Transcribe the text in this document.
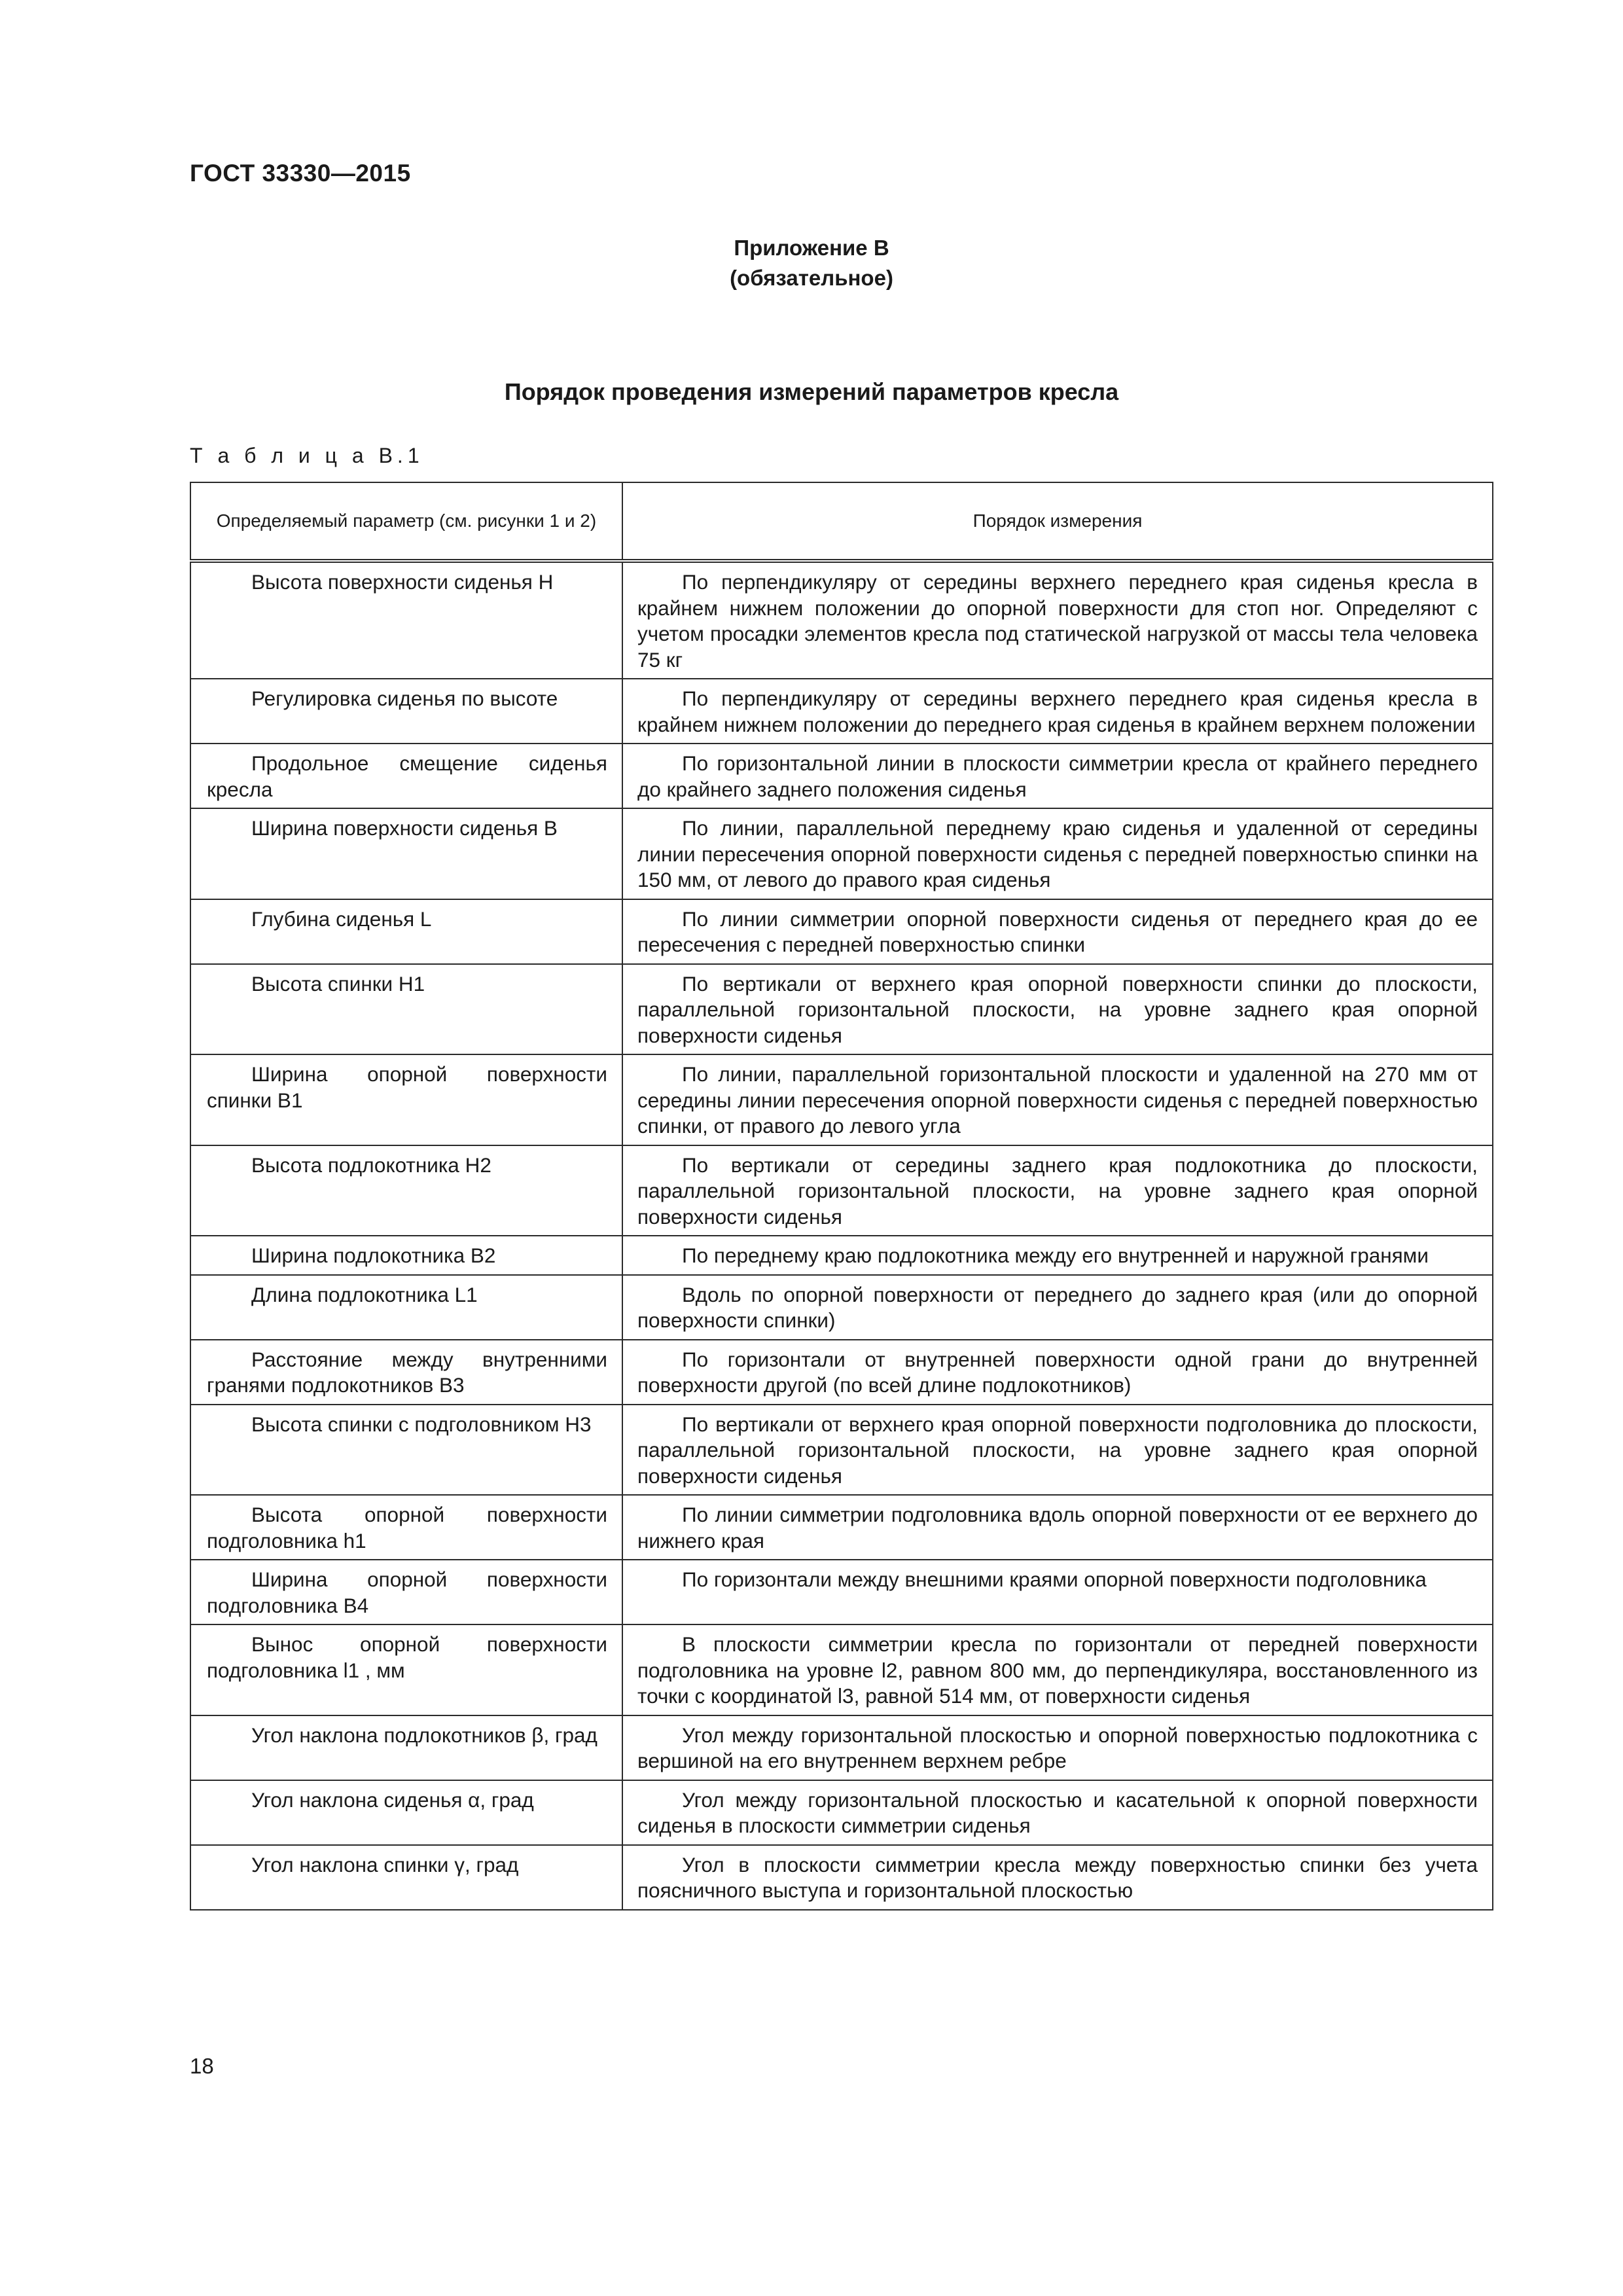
ГОСТ 33330—2015
Приложение В
(обязательное)
Порядок проведения измерений параметров кресла
Т а б л и ц а В.1
Определяемый параметр (см. рисунки 1 и 2)	Порядок измерения
Высота поверхности сиденья H	По перпендикуляру от середины верхнего переднего края сиденья кресла в крайнем нижнем положении до опорной поверхности для стоп ног. Определяют с учетом просадки элементов кресла под статической нагрузкой от массы тела человека 75 кг
Регулировка сиденья по высоте	По перпендикуляру от середины верхнего переднего края сиденья кресла в крайнем нижнем положении до переднего края сиденья в крайнем верхнем положении
Продольное смещение сиденья кресла	По горизонтальной линии в плоскости симметрии кресла от крайнего переднего до крайнего заднего положения сиденья
Ширина поверхности сиденья B	По линии, параллельной переднему краю сиденья и удаленной от середины линии пересечения опорной поверхности сиденья с передней поверхностью спинки на 150 мм, от левого до правого края сиденья
Глубина сиденья L	По линии симметрии опорной поверхности сиденья от переднего края до ее пересечения с передней поверхностью спинки
Высота спинки H1	По вертикали от верхнего края опорной поверхности спинки до плоскости, параллельной горизонтальной плоскости, на уровне заднего края опорной поверхности сиденья
Ширина опорной поверхности спинки B1	По линии, параллельной горизонтальной плоскости и удаленной на 270 мм от середины линии пересечения опорной поверхности сиденья с передней поверхностью спинки, от правого до левого угла
Высота подлокотника H2	По вертикали от середины заднего края подлокотника до плоскости, параллельной горизонтальной плоскости, на уровне заднего края опорной поверхности сиденья
Ширина подлокотника B2	По переднему краю подлокотника между его внутренней и наружной гранями
Длина подлокотника L1	Вдоль по опорной поверхности от переднего до заднего края (или до опорной поверхности спинки)
Расстояние между внутренними гранями подлокотников B3	По горизонтали от внутренней поверхности одной грани до внутренней поверхности другой (по всей длине подлокотников)
Высота спинки с подголовником H3	По вертикали от верхнего края опорной поверхности подголовника до плоскости, параллельной горизонтальной плоскости, на уровне заднего края опорной поверхности сиденья
Высота опорной поверхности подголовника h1	По линии симметрии подголовника вдоль опорной поверхности от ее верхнего до нижнего края
Ширина опорной поверхности подголовника B4	По горизонтали между внешними краями опорной поверхности подголовника
Вынос опорной поверхности подголовника l1 , мм	В плоскости симметрии кресла по горизонтали от передней поверхности подголовника на уровне l2, равном 800 мм, до перпендикуляра, восстановленного из точки с координатой l3, равной 514 мм, от поверхности сиденья
Угол наклона подлокотников β, град	Угол между горизонтальной плоскостью и опорной поверхностью подлокотника с вершиной на его внутреннем верхнем ребре
Угол наклона сиденья α, град	Угол между горизонтальной плоскостью и касательной к опорной поверхности сиденья в плоскости симметрии сиденья
Угол наклона спинки γ, град	Угол в плоскости симметрии кресла между поверхностью спинки без учета поясничного выступа и горизонтальной плоскостью
18
